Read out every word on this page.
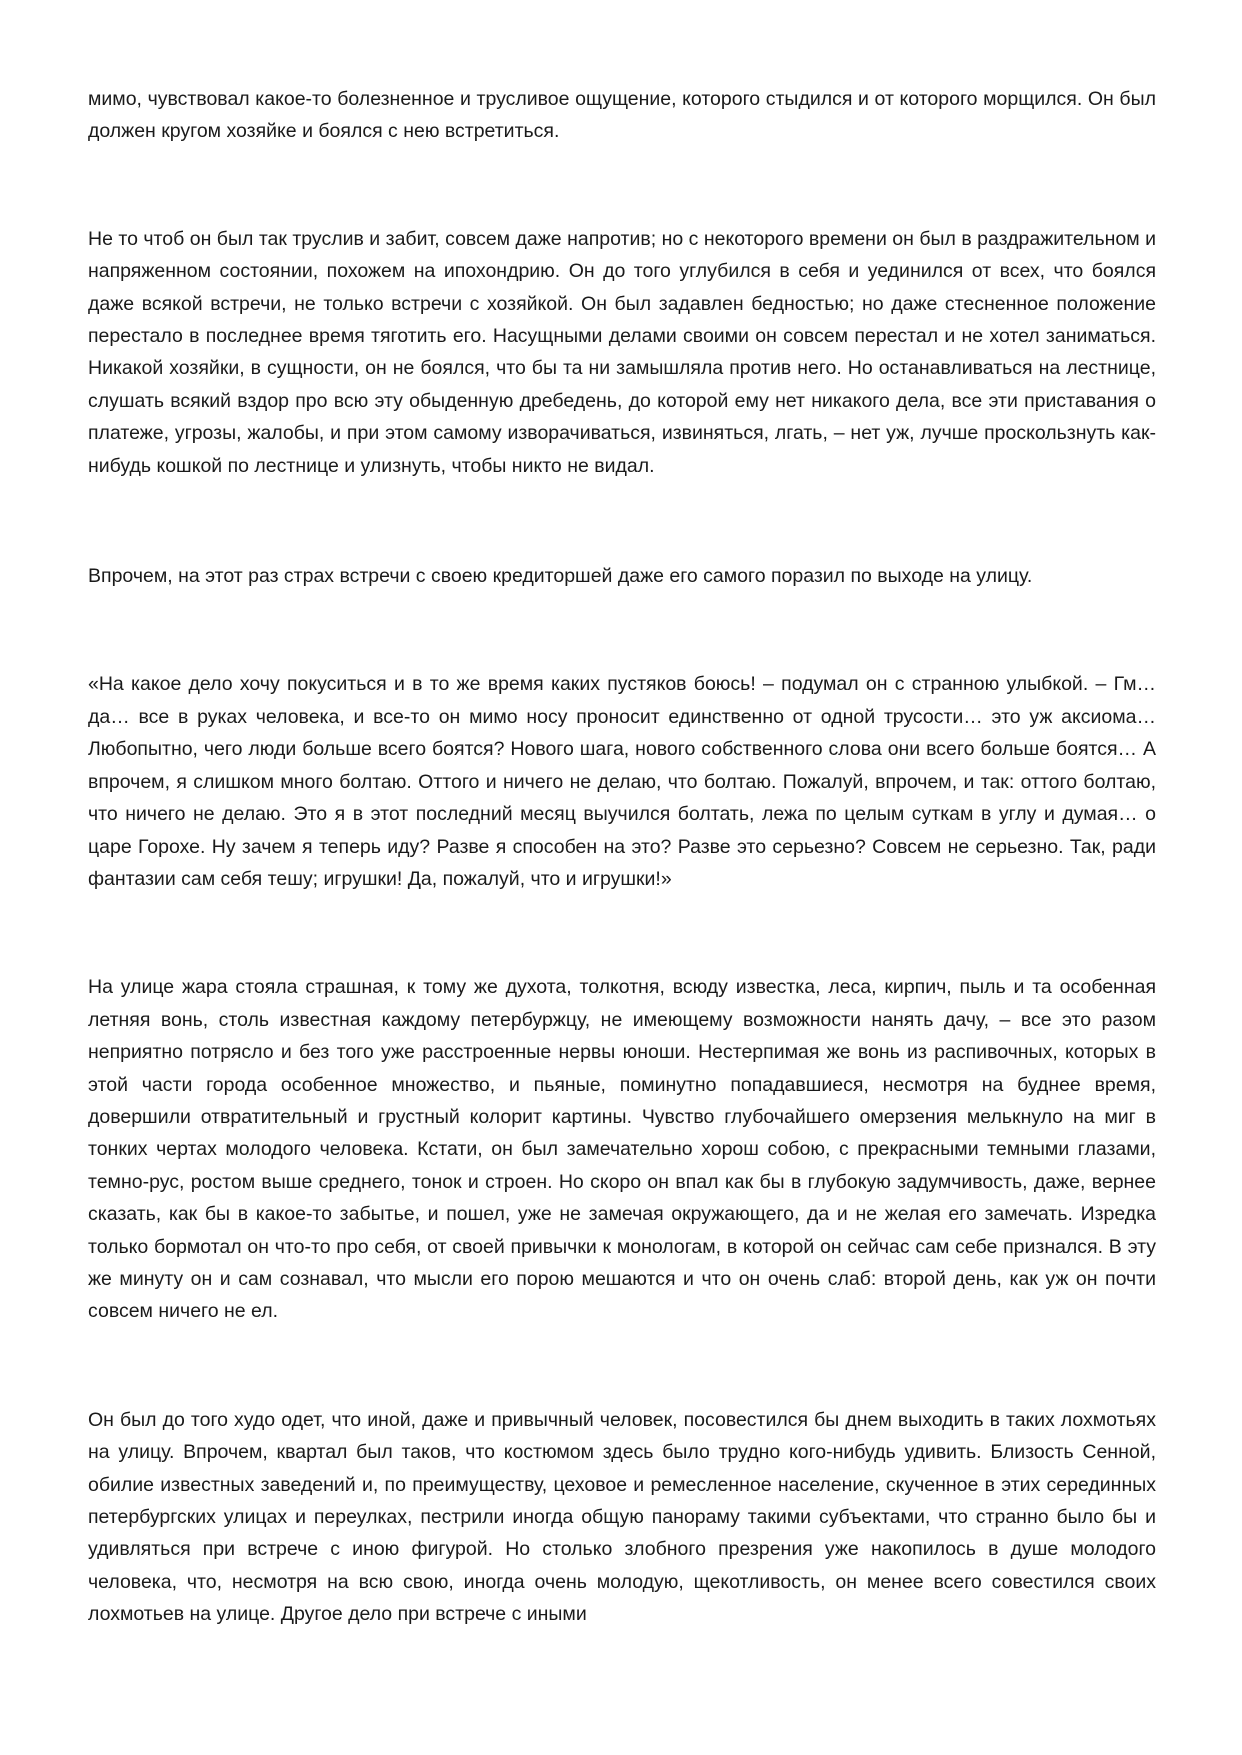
мимо, чувствовал какое-то болезненное и трусливое ощущение, которого стыдился и от которого морщился. Он был должен кругом хозяйке и боялся с нею встретиться.

Не то чтоб он был так труслив и забит, совсем даже напротив; но с некоторого времени он был в раздражительном и напряженном состоянии, похожем на ипохондрию. Он до того углубился в себя и уединился от всех, что боялся даже всякой встречи, не только встречи с хозяйкой. Он был задавлен бедностью; но даже стесненное положение перестало в последнее время тяготить его. Насущными делами своими он совсем перестал и не хотел заниматься. Никакой хозяйки, в сущности, он не боялся, что бы та ни замышляла против него. Но останавливаться на лестнице, слушать всякий вздор про всю эту обыденную дребедень, до которой ему нет никакого дела, все эти приставания о платеже, угрозы, жалобы, и при этом самому изворачиваться, извиняться, лгать, – нет уж, лучше проскользнуть как-нибудь кошкой по лестнице и улизнуть, чтобы никто не видал.

Впрочем, на этот раз страх встречи с своею кредиторшей даже его самого поразил по выходе на улицу.

«На какое дело хочу покуситься и в то же время каких пустяков боюсь! – подумал он с странною улыбкой. – Гм… да… все в руках человека, и все-то он мимо носу проносит единственно от одной трусости… это уж аксиома… Любопытно, чего люди больше всего боятся? Нового шага, нового собственного слова они всего больше боятся… А впрочем, я слишком много болтаю. Оттого и ничего не делаю, что болтаю. Пожалуй, впрочем, и так: оттого болтаю, что ничего не делаю. Это я в этот последний месяц выучился болтать, лежа по целым суткам в углу и думая… о царе Горохе. Ну зачем я теперь иду? Разве я способен на это? Разве это серьезно? Совсем не серьезно. Так, ради фантазии сам себя тешу; игрушки! Да, пожалуй, что и игрушки!»

На улице жара стояла страшная, к тому же духота, толкотня, всюду известка, леса, кирпич, пыль и та особенная летняя вонь, столь известная каждому петербуржцу, не имеющему возможности нанять дачу, – все это разом неприятно потрясло и без того уже расстроенные нервы юноши. Нестерпимая же вонь из распивочных, которых в этой части города особенное множество, и пьяные, поминутно попадавшиеся, несмотря на буднее время, довершили отвратительный и грустный колорит картины. Чувство глубочайшего омерзения мелькнуло на миг в тонких чертах молодого человека. Кстати, он был замечательно хорош собою, с прекрасными темными глазами, темно-рус, ростом выше среднего, тонок и строен. Но скоро он впал как бы в глубокую задумчивость, даже, вернее сказать, как бы в какое-то забытье, и пошел, уже не замечая окружающего, да и не желая его замечать. Изредка только бормотал он что-то про себя, от своей привычки к монологам, в которой он сейчас сам себе признался. В эту же минуту он и сам сознавал, что мысли его порою мешаются и что он очень слаб: второй день, как уж он почти совсем ничего не ел.

Он был до того худо одет, что иной, даже и привычный человек, посовестился бы днем выходить в таких лохмотьях на улицу. Впрочем, квартал был таков, что костюмом здесь было трудно кого-нибудь удивить. Близость Сенной, обилие известных заведений и, по преимуществу, цеховое и ремесленное население, скученное в этих серединных петербургских улицах и переулках, пестрили иногда общую панораму такими субъектами, что странно было бы и удивляться при встрече с иною фигурой. Но столько злобного презрения уже накопилось в душе молодого человека, что, несмотря на всю свою, иногда очень молодую, щекотливость, он менее всего совестился своих лохмотьев на улице. Другое дело при встрече с иными
